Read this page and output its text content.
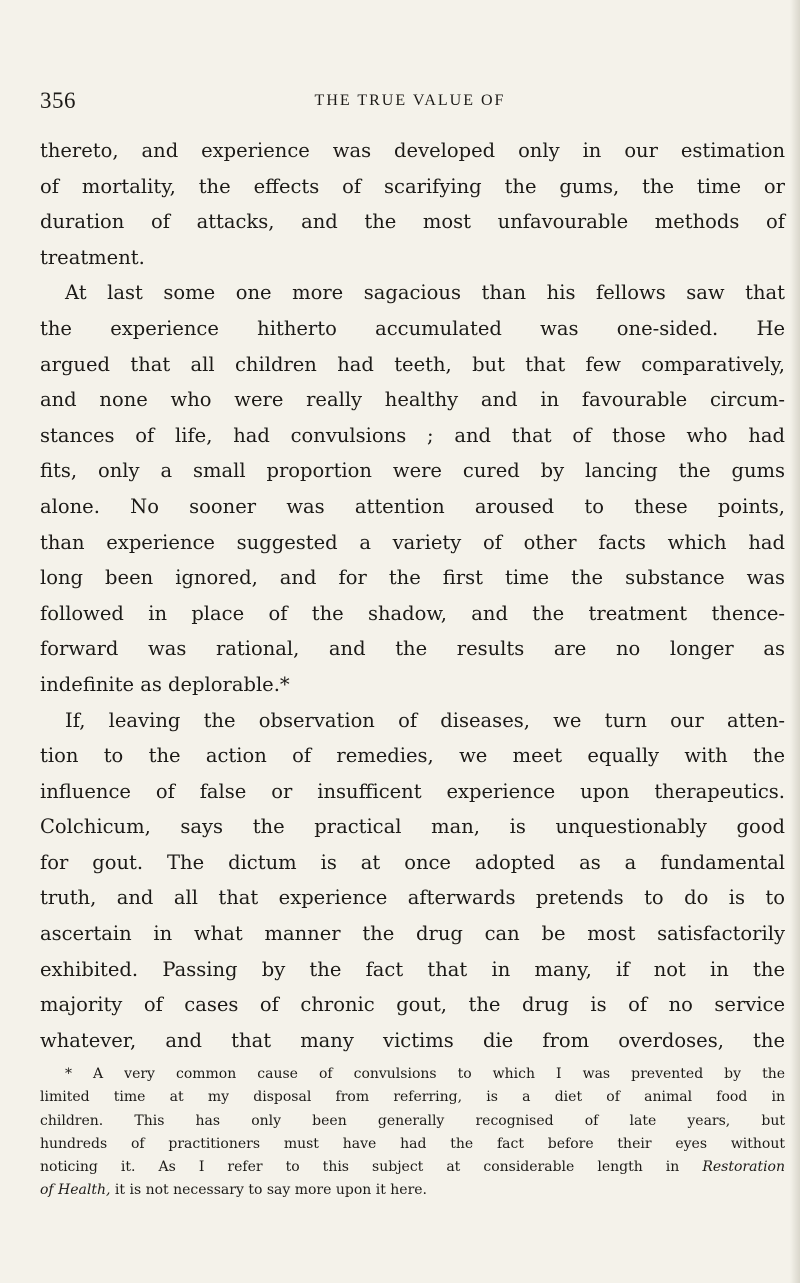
356	THE TRUE VALUE OF
thereto, and experience was developed only in our estimation
of mortality, the effects of scarifying the gums, the time or
duration of attacks, and the most unfavourable methods of
treatment.
At last some one more sagacious than his fellows saw that
the experience hitherto accumulated was one-sided. He
argued that all children had teeth, but that few comparatively,
and none who were really healthy and in favourable circum-
stances of life, had convulsions ; and that of those who had
fits, only a small proportion were cured by lancing the gums
alone. No sooner was attention aroused to these points,
than experience suggested a variety of other facts which had
long been ignored, and for the first time the substance was
followed in place of the shadow, and the treatment thence-
forward was rational, and the results are no longer as
indefinite as deplorable.*
If, leaving the observation of diseases, we turn our atten-
tion to the action of remedies, we meet equally with the
influence of false or insufficent experience upon therapeutics.
Colchicum, says the practical man, is unquestionably good
for gout. The dictum is at once adopted as a fundamental
truth, and all that experience afterwards pretends to do is to
ascertain in what manner the drug can be most satisfactorily
exhibited. Passing by the fact that in many, if not in the
majority of cases of chronic gout, the drug is of no service
whatever, and that many victims die from overdoses, the
* A very common cause of convulsions to which I was prevented by the
limited time at my disposal from referring, is a diet of animal food in
children. This has only been generally recognised of late years, but
hundreds of practitioners must have had the fact before their eyes without
noticing it. As I refer to this subject at considerable length in Restoration
of Health, it is not necessary to say more upon it here.
